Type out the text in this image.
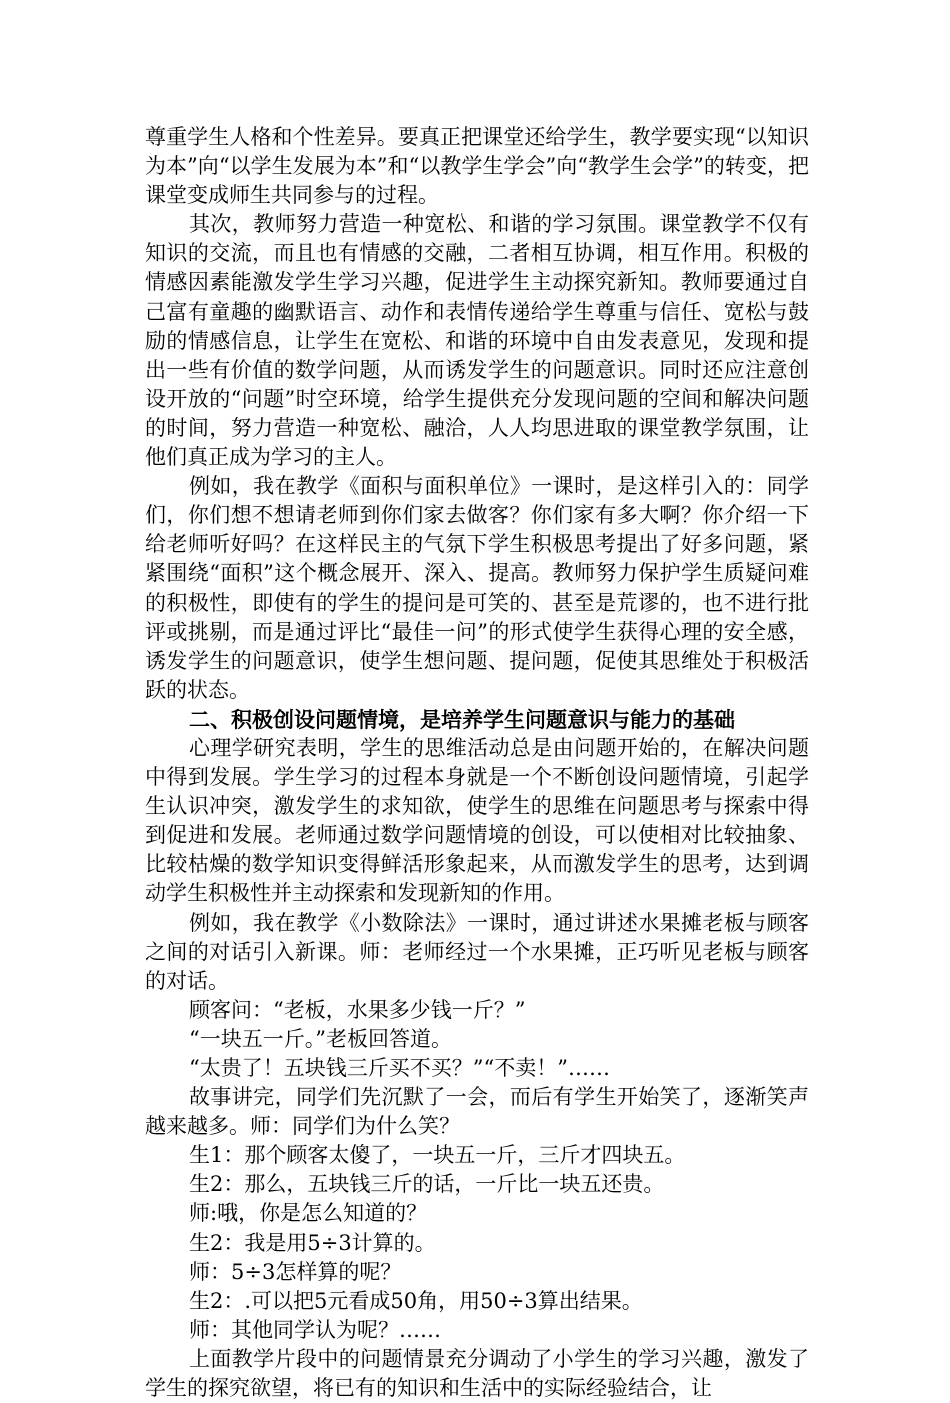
尊重学生人格和个性差异。要真正把课堂还给学生，教学要实现“以知识为本”向“以学生发展为本”和“以教学生学会”向“教学生会学”的转变，把课堂变成师生共同参与的过程。

其次，教师努力营造一种宽松、和谐的学习氛围。课堂教学不仅有知识的交流，而且也有情感的交融，二者相互协调，相互作用。积极的情感因素能激发学生学习兴趣，促进学生主动探究新知。教师要通过自己富有童趣的幽默语言、动作和表情传递给学生尊重与信任、宽松与鼓励的情感信息，让学生在宽松、和谐的环境中自由发表意见，发现和提出一些有价值的数学问题，从而诱发学生的问题意识。同时还应注意创设开放的“问题”时空环境，给学生提供充分发现问题的空间和解决问题的时间，努力营造一种宽松、融洽，人人均思进取的课堂教学氛围，让他们真正成为学习的主人。

例如，我在教学《面积与面积单位》一课时，是这样引入的：同学们，你们想不想请老师到你们家去做客？你们家有多大啊？你介绍一下给老师听好吗？在这样民主的气氛下学生积极思考提出了好多问题，紧紧围绕“面积”这个概念展开、深入、提高。教师努力保护学生质疑问难的积极性，即使有的学生的提问是可笑的、甚至是荒谬的，也不进行批评或挑剔，而是通过评比“最佳一问”的形式使学生获得心理的安全感，诱发学生的问题意识，使学生想问题、提问题，促使其思维处于积极活跃的状态。

二、积极创设问题情境，是培养学生问题意识与能力的基础

心理学研究表明，学生的思维活动总是由问题开始的，在解决问题中得到发展。学生学习的过程本身就是一个不断创设问题情境，引起学生认识冲突，激发学生的求知欲，使学生的思维在问题思考与探索中得到促进和发展。老师通过数学问题情境的创设，可以使相对比较抽象、比较枯燥的数学知识变得鲜活形象起来，从而激发学生的思考，达到调动学生积极性并主动探索和发现新知的作用。

例如，我在教学《小数除法》一课时，通过讲述水果摊老板与顾客之间的对话引入新课。师：老师经过一个水果摊，正巧听见老板与顾客的对话。

顾客问：“老板，水果多少钱一斤？”

“一块五一斤。”老板回答道。

“太贵了！五块钱三斤买不买？”“不卖！”……

故事讲完，同学们先沉默了一会，而后有学生开始笑了，逐渐笑声越来越多。师：同学们为什么笑？

生1：那个顾客太傻了，一块五一斤，三斤才四块五。

生2：那么，五块钱三斤的话，一斤比一块五还贵。

师:哦，你是怎么知道的？

生2：我是用5÷3计算的。

师：5÷3怎样算的呢？

生2：.可以把5元看成50角，用50÷3算出结果。

师：其他同学认为呢？……

上面教学片段中的问题情景充分调动了小学生的学习兴趣，激发了学生的探究欲望，将已有的知识和生活中的实际经验结合，让
